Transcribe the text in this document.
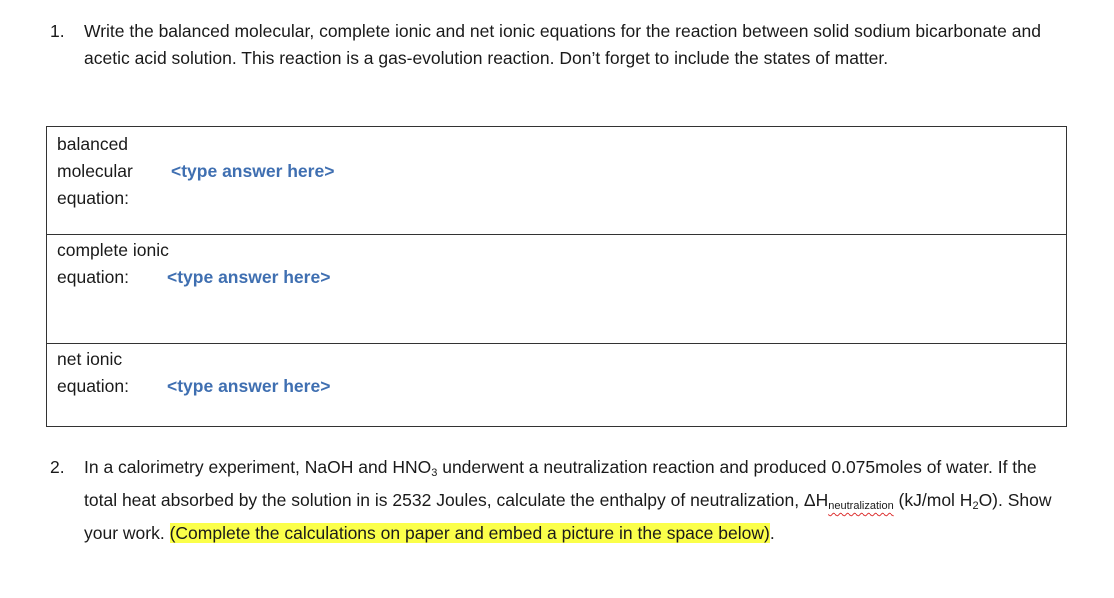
1. Write the balanced molecular, complete ionic and net ionic equations for the reaction between solid sodium bicarbonate and acetic acid solution. This reaction is a gas-evolution reaction. Don’t forget to include the states of matter.
balanced
molecular
equation:
<type answer here>
complete ionic
equation:	<type answer here>
net ionic
equation: <type answer here>
2. In a calorimetry experiment, NaOH and $HNO_3$ underwent a neutralization reaction and produced 0.075moles of water. If the total heat absorbed by the solution in is 2532 Joules, calculate the enthalpy of neutralization, $\Delta H_{neutralization}$ (kJ/mol $H_2O$). Show your work. (Complete the calculations on paper and embed a picture in the space below).
